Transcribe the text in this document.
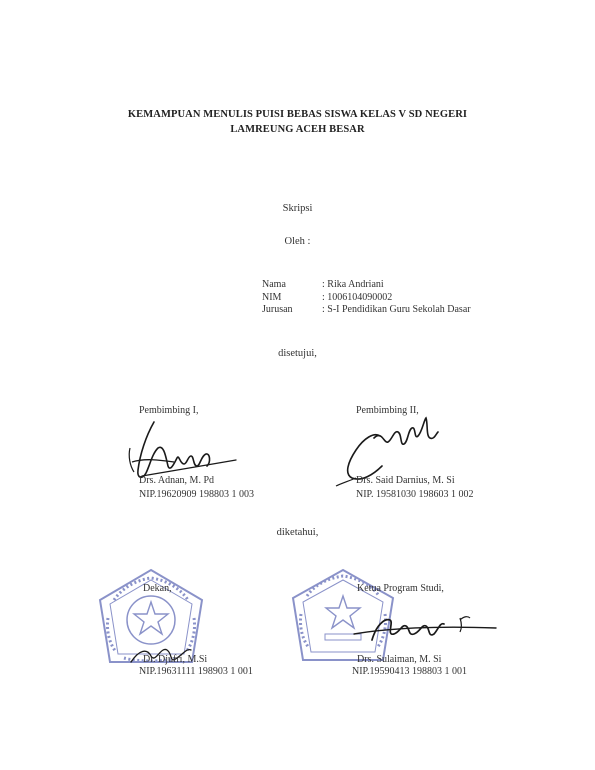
KEMAMPUAN MENULIS PUISI BEBAS SISWA KELAS V SD NEGERI
LAMREUNG ACEH BESAR
Skripsi
Oleh :
Nama	: Rika Andriani
NIM	: 1006104090002
Jurusan	: S-I Pendidikan Guru Sekolah Dasar
disetujui,
Pembimbing I,
Drs. Adnan, M. Pd
NIP.19620909 198803 1 003
Pembimbing II,
Drs. Said Darnius, M. Si
NIP. 19581030 198603 1 002
diketahui,
Dekan,
Dr. Djufri, M.Si
NIP.19631111 198903 1 001
Ketua Program Studi,
Drs. Sulaiman, M. Si
NIP.19590413 198803 1 001
